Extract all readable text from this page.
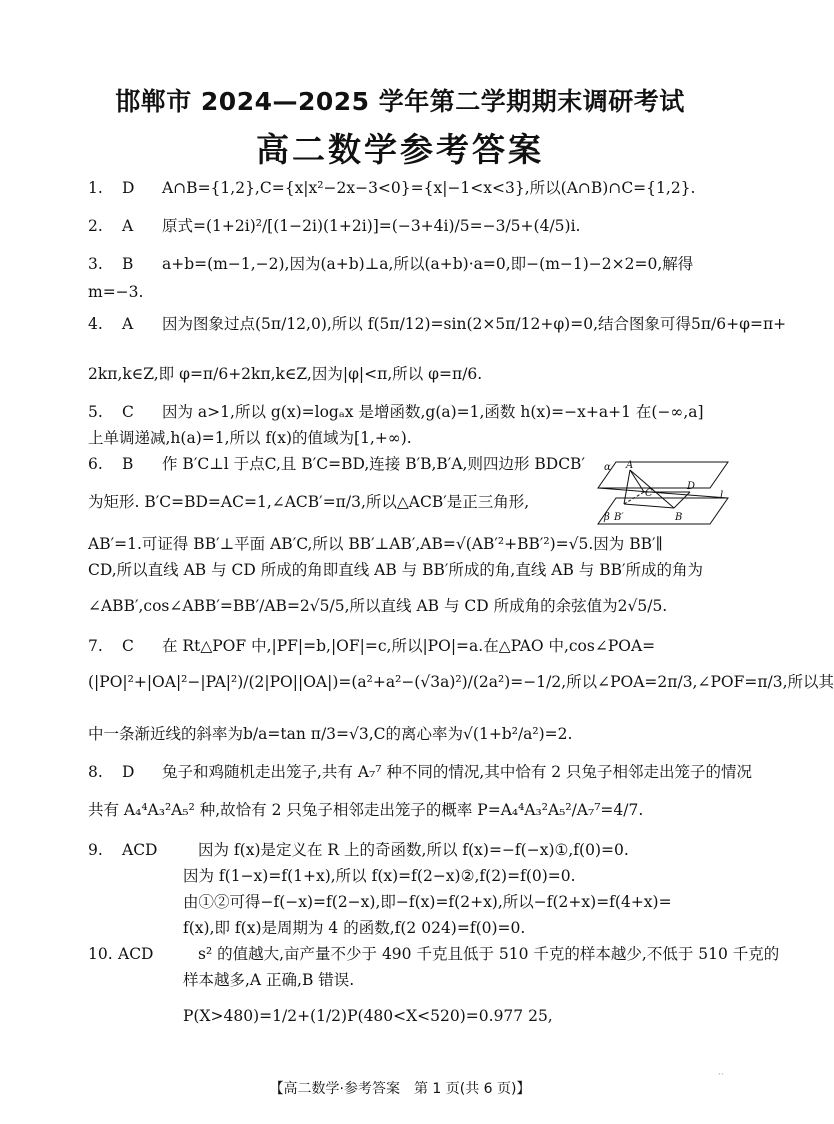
邯郸市 2024—2025 学年第二学期期末调研考试
高二数学参考答案
1. D A∩B={1,2},C={x|x²−2x−3<0}={x|−1<x<3},所以(A∩B)∩C={1,2}.
2. A 原式=(1+2i)²/[(1−2i)(1+2i)]=(−3+4i)/5=−3/5+(4/5)i.
3. B a+b=(m−1,−2),因为(a+b)⊥a,所以(a+b)·a=0,即−(m−1)−2×2=0,解得
m=−3.
4. A 因为图象过点(5π/12,0),所以 f(5π/12)=sin(2×5π/12+φ)=0,结合图象可得5π/6+φ=π+
2kπ,k∈Z,即 φ=π/6+2kπ,k∈Z,因为|φ|<π,所以 φ=π/6.
5. C 因为 a>1,所以 g(x)=logₐx 是增函数,g(a)=1,函数 h(x)=−x+a+1 在(−∞,a]
上单调递减,h(a)=1,所以 f(x)的值域为[1,+∞).
6. B 作 B′C⊥l 于点C,且 B′C=BD,连接 B′B,B′A,则四边形 BDCB′
为矩形. B′C=BD=AC=1,∠ACB′=π/3,所以△ACB′是正三角形,
AB′=1.可证得 BB′⊥平面 AB′C,所以 BB′⊥AB′,AB=√(AB′²+BB′²)=√5.因为 BB′∥
CD,所以直线 AB 与 CD 所成的角即直线 AB 与 BB′所成的角,直线 AB 与 BB′所成的角为
∠ABB′,cos∠ABB′=BB′/AB=2√5/5,所以直线 AB 与 CD 所成角的余弦值为2√5/5.
7. C 在 Rt△POF 中,|PF|=b,|OF|=c,所以|PO|=a.在△PAO 中,cos∠POA=
(|PO|²+|OA|²−|PA|²)/(2|PO||OA|)=(a²+a²−(√3a)²)/(2a²)=−1/2,所以∠POA=2π/3,∠POF=π/3,所以其
中一条渐近线的斜率为b/a=tan π/3=√3,C的离心率为√(1+b²/a²)=2.
8. D 兔子和鸡随机走出笼子,共有 A₇⁷ 种不同的情况,其中恰有 2 只兔子相邻走出笼子的情况
共有 A₄⁴A₃²A₅² 种,故恰有 2 只兔子相邻走出笼子的概率 P=A₄⁴A₃²A₅²/A₇⁷=4/7.
9. ACD	因为 f(x)是定义在 R 上的奇函数,所以 f(x)=−f(−x)①,f(0)=0.
因为 f(1−x)=f(1+x),所以 f(x)=f(2−x)②,f(2)=f(0)=0.
由①②可得−f(−x)=f(2−x),即−f(x)=f(2+x),所以−f(2+x)=f(4+x)=
f(x),即 f(x)是周期为 4 的函数,f(2 024)=f(0)=0.
10. ACD	s² 的值越大,亩产量不少于 490 千克且低于 510 千克的样本越少,不低于 510 千克的
样本越多,A 正确,B 错误.
P(X>480)=1/2+(1/2)P(480<X<520)=0.977 25,
α A
C
D
l
β	B
B′
【高二数学·参考答案　第 1 页(共 6 页)】
··
